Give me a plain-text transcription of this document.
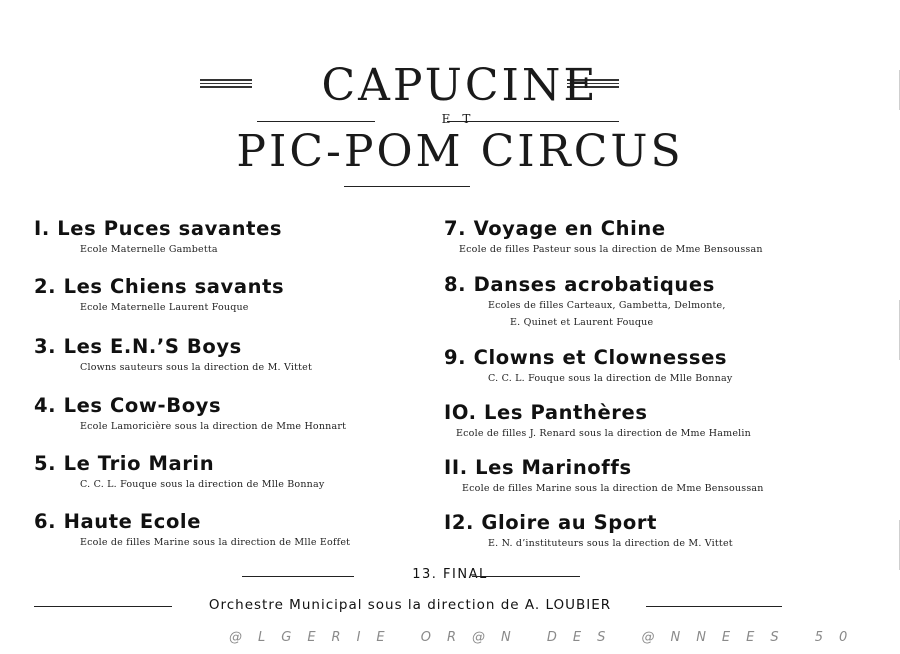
CAPUCINE
ET
PIC-POM CIRCUS
I. Les Puces savantes
Ecole Maternelle Gambetta
2. Les Chiens savants
Ecole Maternelle Laurent Fouque
3. Les E.N.’S Boys
Clowns sauteurs sous la direction de M. Vittet
4. Les Cow-Boys
Ecole Lamoricière sous la direction de Mme Honnart
5. Le Trio Marin
C. C. L. Fouque sous la direction de Mlle Bonnay
6. Haute Ecole
Ecole de filles Marine sous la direction de Mlle Eoffet
7. Voyage en Chine
Ecole de filles Pasteur sous la direction de Mme Bensoussan
8. Danses acrobatiques
Ecoles de filles Carteaux, Gambetta, Delmonte,
E. Quinet et Laurent Fouque
9. Clowns et Clownesses
C. C. L. Fouque sous la direction de Mlle Bonnay
IO. Les Panthères
Ecole de filles J. Renard sous la direction de Mme Hamelin
II. Les Marinoffs
Ecole de filles Marine sous la direction de Mme Bensoussan
I2. Gloire au Sport
E. N. d’instituteurs sous la direction de M. Vittet
13. FINAL
Orchestre Municipal sous la direction de A. LOUBIER
@LGERIE OR@N DES @NNEES 50
